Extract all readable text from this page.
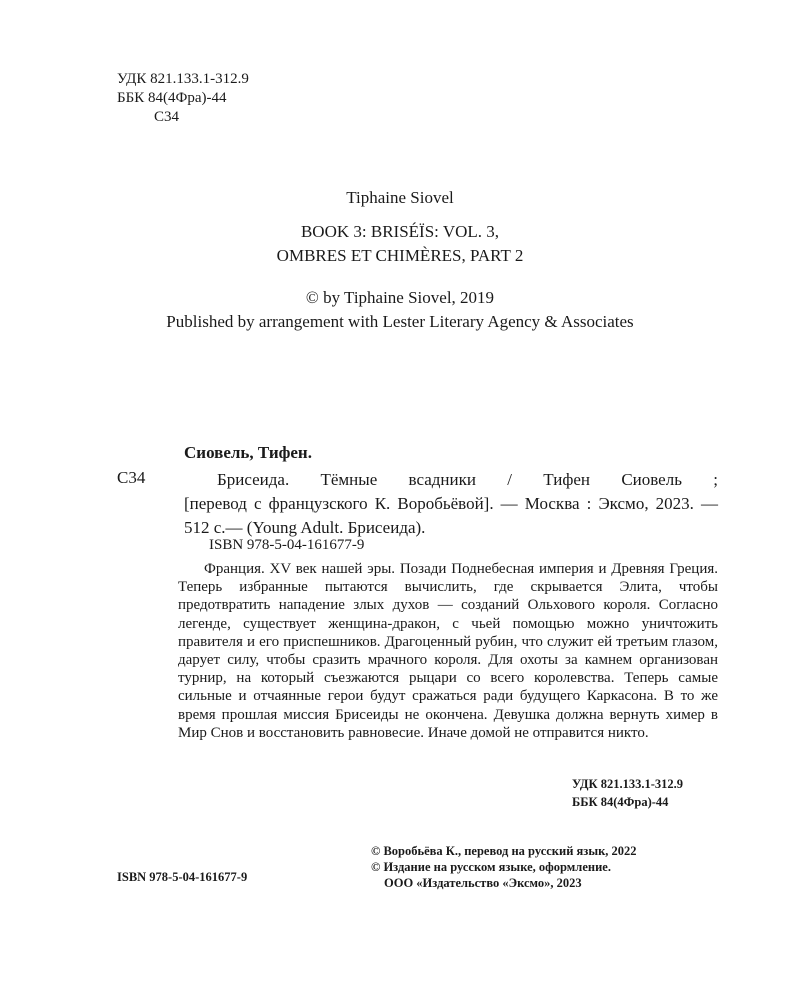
УДК 821.133.1-312.9
ББК 84(4Фра)-44
С34
Tiphaine Siovel
BOOK 3: BRISÉÏS: VOL. 3,
OMBRES ET CHIMÈRES, PART 2
© by Tiphaine Siovel, 2019
Published by arrangement with Lester Literary Agency & Associates
Сиовель, Тифен.
С34	Брисеида. Тёмные всадники / Тифен Сиовель ;
[перевод с французского К. Воробьёвой]. — Москва : Эксмо, 2023. — 512 с.— (Young Adult. Брисеида).
ISBN 978-5-04-161677-9
Франция. XV век нашей эры. Позади Поднебесная империя и Древняя Греция. Теперь избранные пытаются вычислить, где скрывается Элита, чтобы предотвратить нападение злых духов — созданий Ольхового короля. Согласно легенде, существует женщина-дракон, с чьей помощью можно уничтожить правителя и его приспешников. Драгоценный рубин, что служит ей третьим глазом, дарует силу, чтобы сразить мрачного короля. Для охоты за камнем организован турнир, на который съезжаются рыцари со всего королевства. Теперь самые сильные и отчаянные герои будут сражаться ради будущего Каркасона. В то же время прошлая миссия Брисеиды не окончена. Девушка должна вернуть химер в Мир Снов и восстановить равновесие. Иначе домой не отправится никто.
УДК 821.133.1-312.9
ББК 84(4Фра)-44
© Воробьёва К., перевод на русский язык, 2022
© Издание на русском языке, оформление.
ООО «Издательство «Эксмо», 2023
ISBN 978-5-04-161677-9
